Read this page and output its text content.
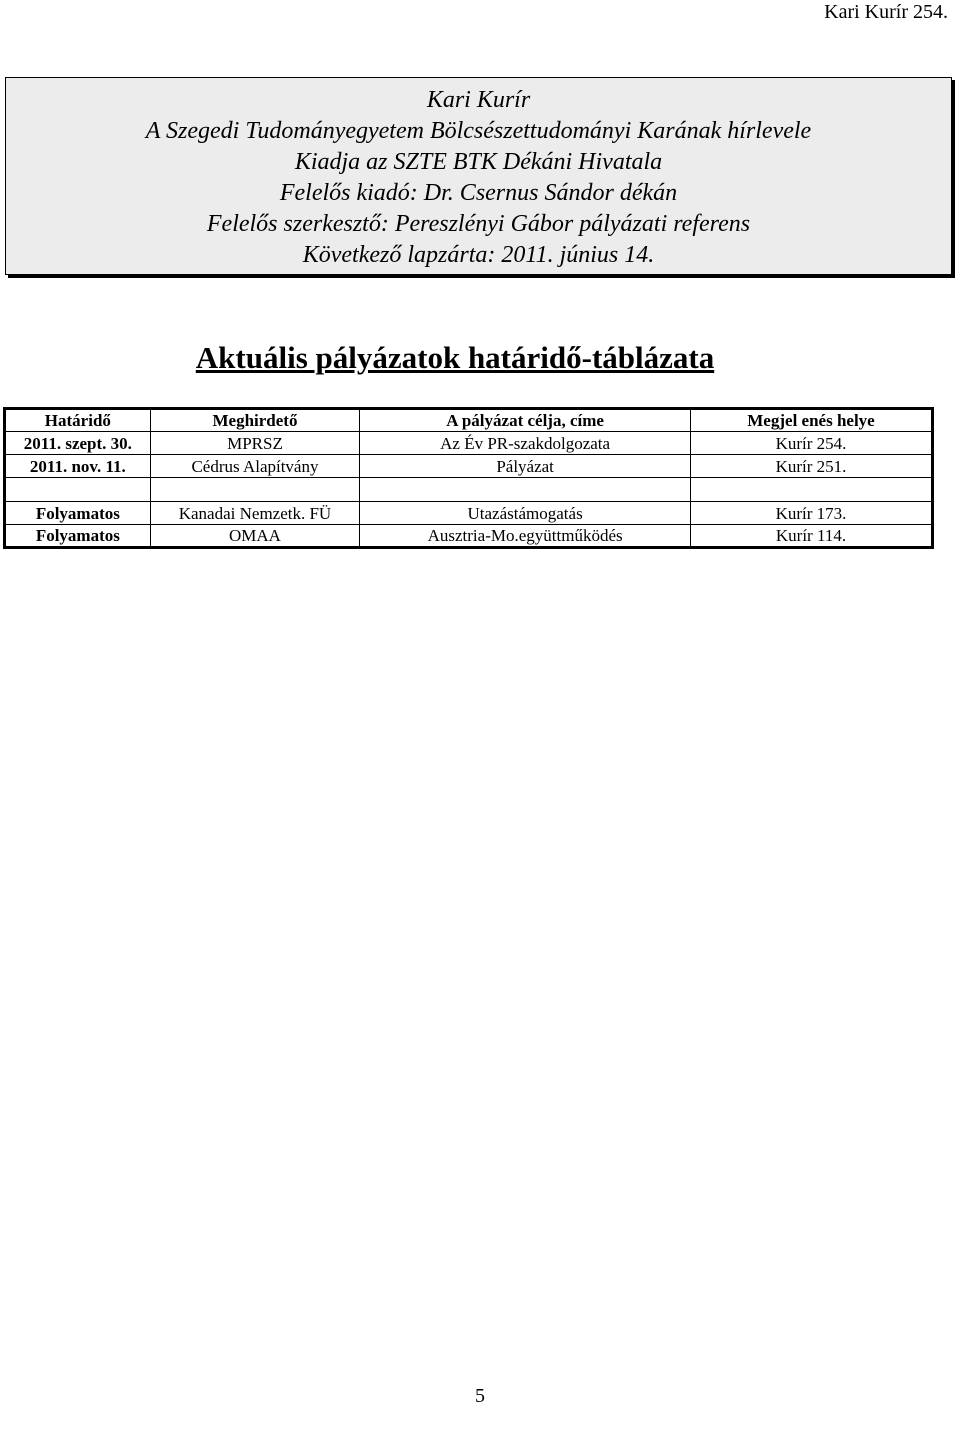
Kari Kurír 254.
Kari Kurír
A Szegedi Tudományegyetem Bölcsészettudományi Karának hírlevele
Kiadja az SZTE BTK Dékáni Hivatala
Felelős kiadó: Dr. Csernus Sándor dékán
Felelős szerkesztő: Pereszlényi Gábor pályázati referens
Következő lapzárta: 2011. június 14.
Aktuális pályázatok határidő-táblázata
Határidő	Meghirdető	A pályázat célja, címe	Megjel enés helye
2011. szept. 30.	MPRSZ	Az Év PR-szakdolgozata	Kurír 254.
2011. nov. 11.	Cédrus Alapítvány	Pályázat	Kurír 251.

Folyamatos	Kanadai Nemzetk. FÜ	Utazástámogatás	Kurír 173.
Folyamatos	OMAA	Ausztria-Mo.együttműködés	Kurír 114.
5
